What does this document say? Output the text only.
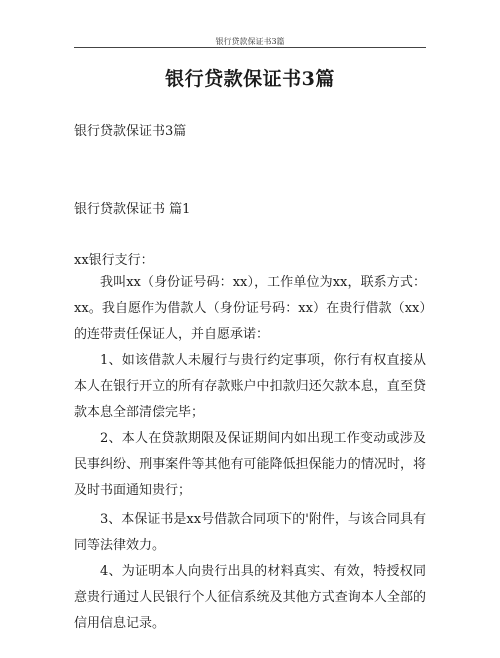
银行贷款保证书3篇
银行贷款保证书3篇
银行贷款保证书3篇
银行贷款保证书 篇1
xx银行支行：
我叫xx（身份证号码：xx），工作单位为xx，联系方式：xx。我自愿作为借款人（身份证号码：xx）在贵行借款（xx）的连带责任保证人，并自愿承诺：
1、如该借款人未履行与贵行约定事项，你行有权直接从本人在银行开立的所有存款账户中扣款归还欠款本息，直至贷款本息全部清偿完毕；
2、本人在贷款期限及保证期间内如出现工作变动或涉及民事纠纷、刑事案件等其他有可能降低担保能力的情况时，将及时书面通知贵行；
3、本保证书是xx号借款合同项下的'附件，与该合同具有同等法律效力。
4、为证明本人向贵行出具的材料真实、有效，特授权同意贵行通过人民银行个人征信系统及其他方式查询本人全部的信用信息记录。
